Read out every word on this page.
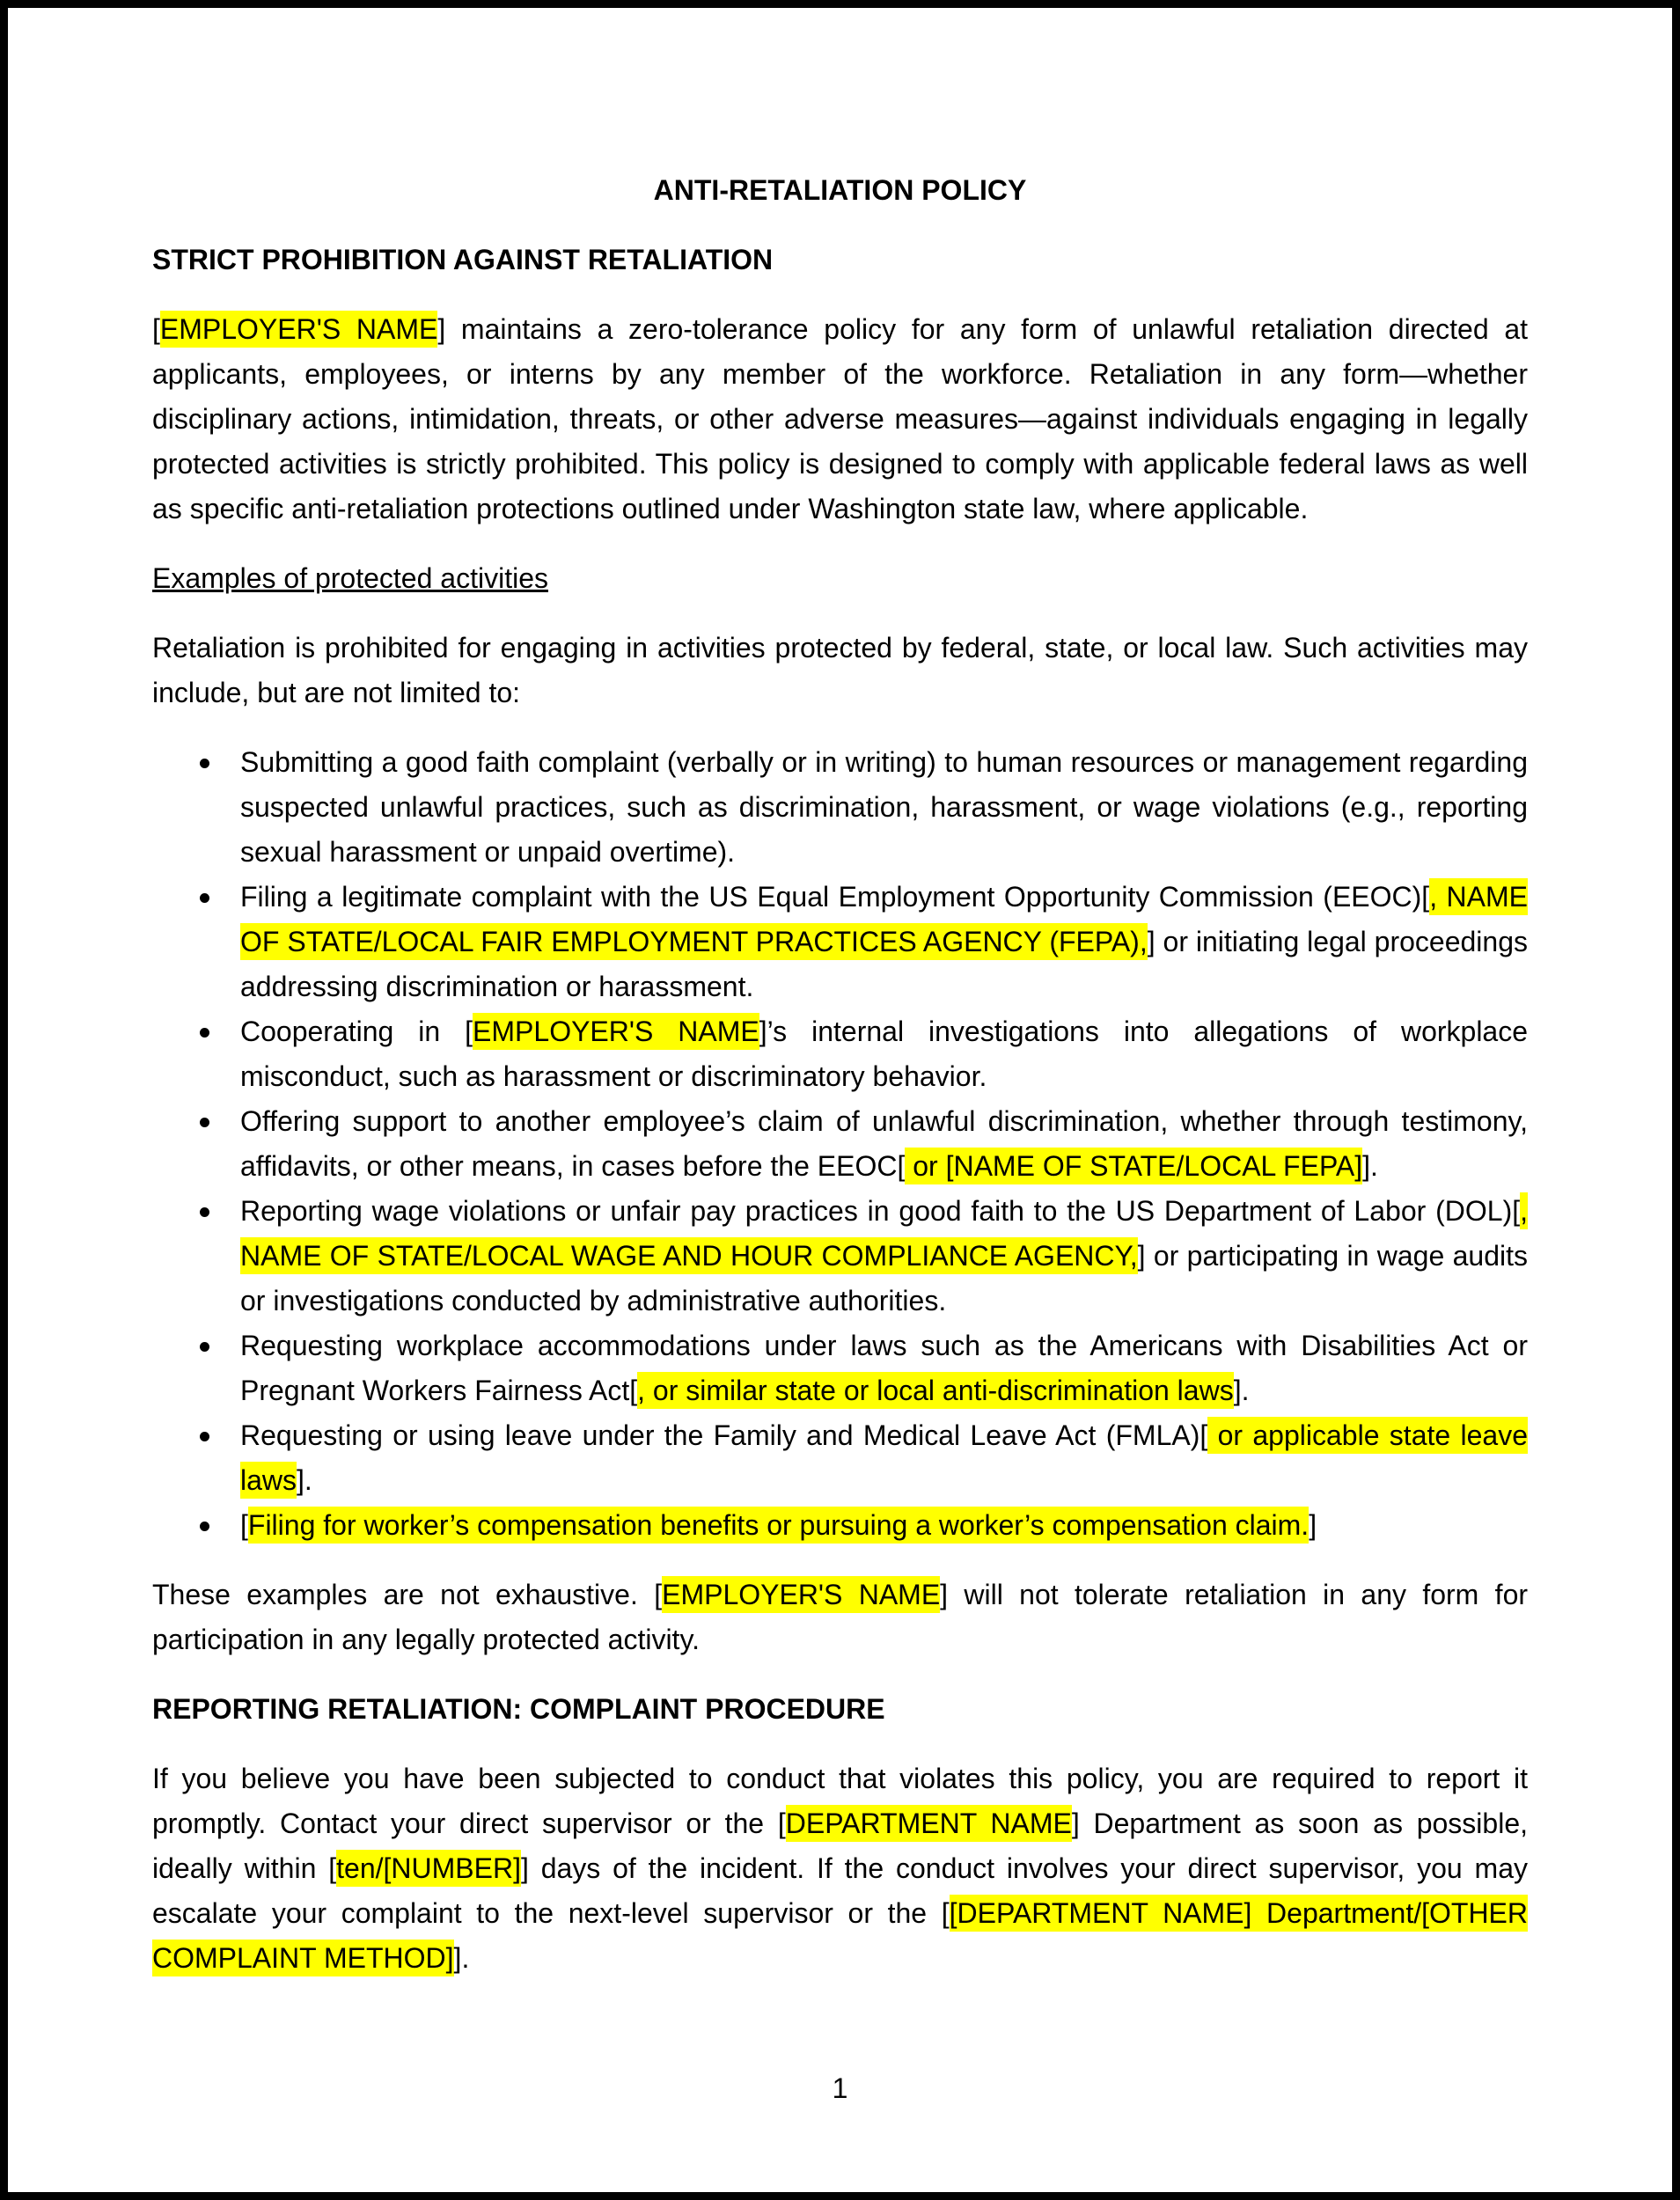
ANTI-RETALIATION POLICY

STRICT PROHIBITION AGAINST RETALIATION

[EMPLOYER'S NAME] maintains a zero-tolerance policy for any form of unlawful retaliation directed at applicants, employees, or interns by any member of the workforce. Retaliation in any form—whether disciplinary actions, intimidation, threats, or other adverse measures—against individuals engaging in legally protected activities is strictly prohibited. This policy is designed to comply with applicable federal laws as well as specific anti-retaliation protections outlined under Washington state law, where applicable.

Examples of protected activities

Retaliation is prohibited for engaging in activities protected by federal, state, or local law. Such activities may include, but are not limited to:

Submitting a good faith complaint (verbally or in writing) to human resources or management regarding suspected unlawful practices, such as discrimination, harassment, or wage violations (e.g., reporting sexual harassment or unpaid overtime).
Filing a legitimate complaint with the US Equal Employment Opportunity Commission (EEOC)[, NAME OF STATE/LOCAL FAIR EMPLOYMENT PRACTICES AGENCY (FEPA),] or initiating legal proceedings addressing discrimination or harassment.
Cooperating in [EMPLOYER'S NAME]’s internal investigations into allegations of workplace misconduct, such as harassment or discriminatory behavior.
Offering support to another employee’s claim of unlawful discrimination, whether through testimony, affidavits, or other means, in cases before the EEOC[ or [NAME OF STATE/LOCAL FEPA]].
Reporting wage violations or unfair pay practices in good faith to the US Department of Labor (DOL)[, NAME OF STATE/LOCAL WAGE AND HOUR COMPLIANCE AGENCY,] or participating in wage audits or investigations conducted by administrative authorities.
Requesting workplace accommodations under laws such as the Americans with Disabilities Act or Pregnant Workers Fairness Act[, or similar state or local anti-discrimination laws].
Requesting or using leave under the Family and Medical Leave Act (FMLA)[ or applicable state leave laws].
[Filing for worker’s compensation benefits or pursuing a worker’s compensation claim.]

These examples are not exhaustive. [EMPLOYER'S NAME] will not tolerate retaliation in any form for participation in any legally protected activity.

REPORTING RETALIATION: COMPLAINT PROCEDURE

If you believe you have been subjected to conduct that violates this policy, you are required to report it promptly. Contact your direct supervisor or the [DEPARTMENT NAME] Department as soon as possible, ideally within [ten/[NUMBER]] days of the incident. If the conduct involves your direct supervisor, you may escalate your complaint to the next-level supervisor or the [[DEPARTMENT NAME] Department/[OTHER COMPLAINT METHOD]].

1
